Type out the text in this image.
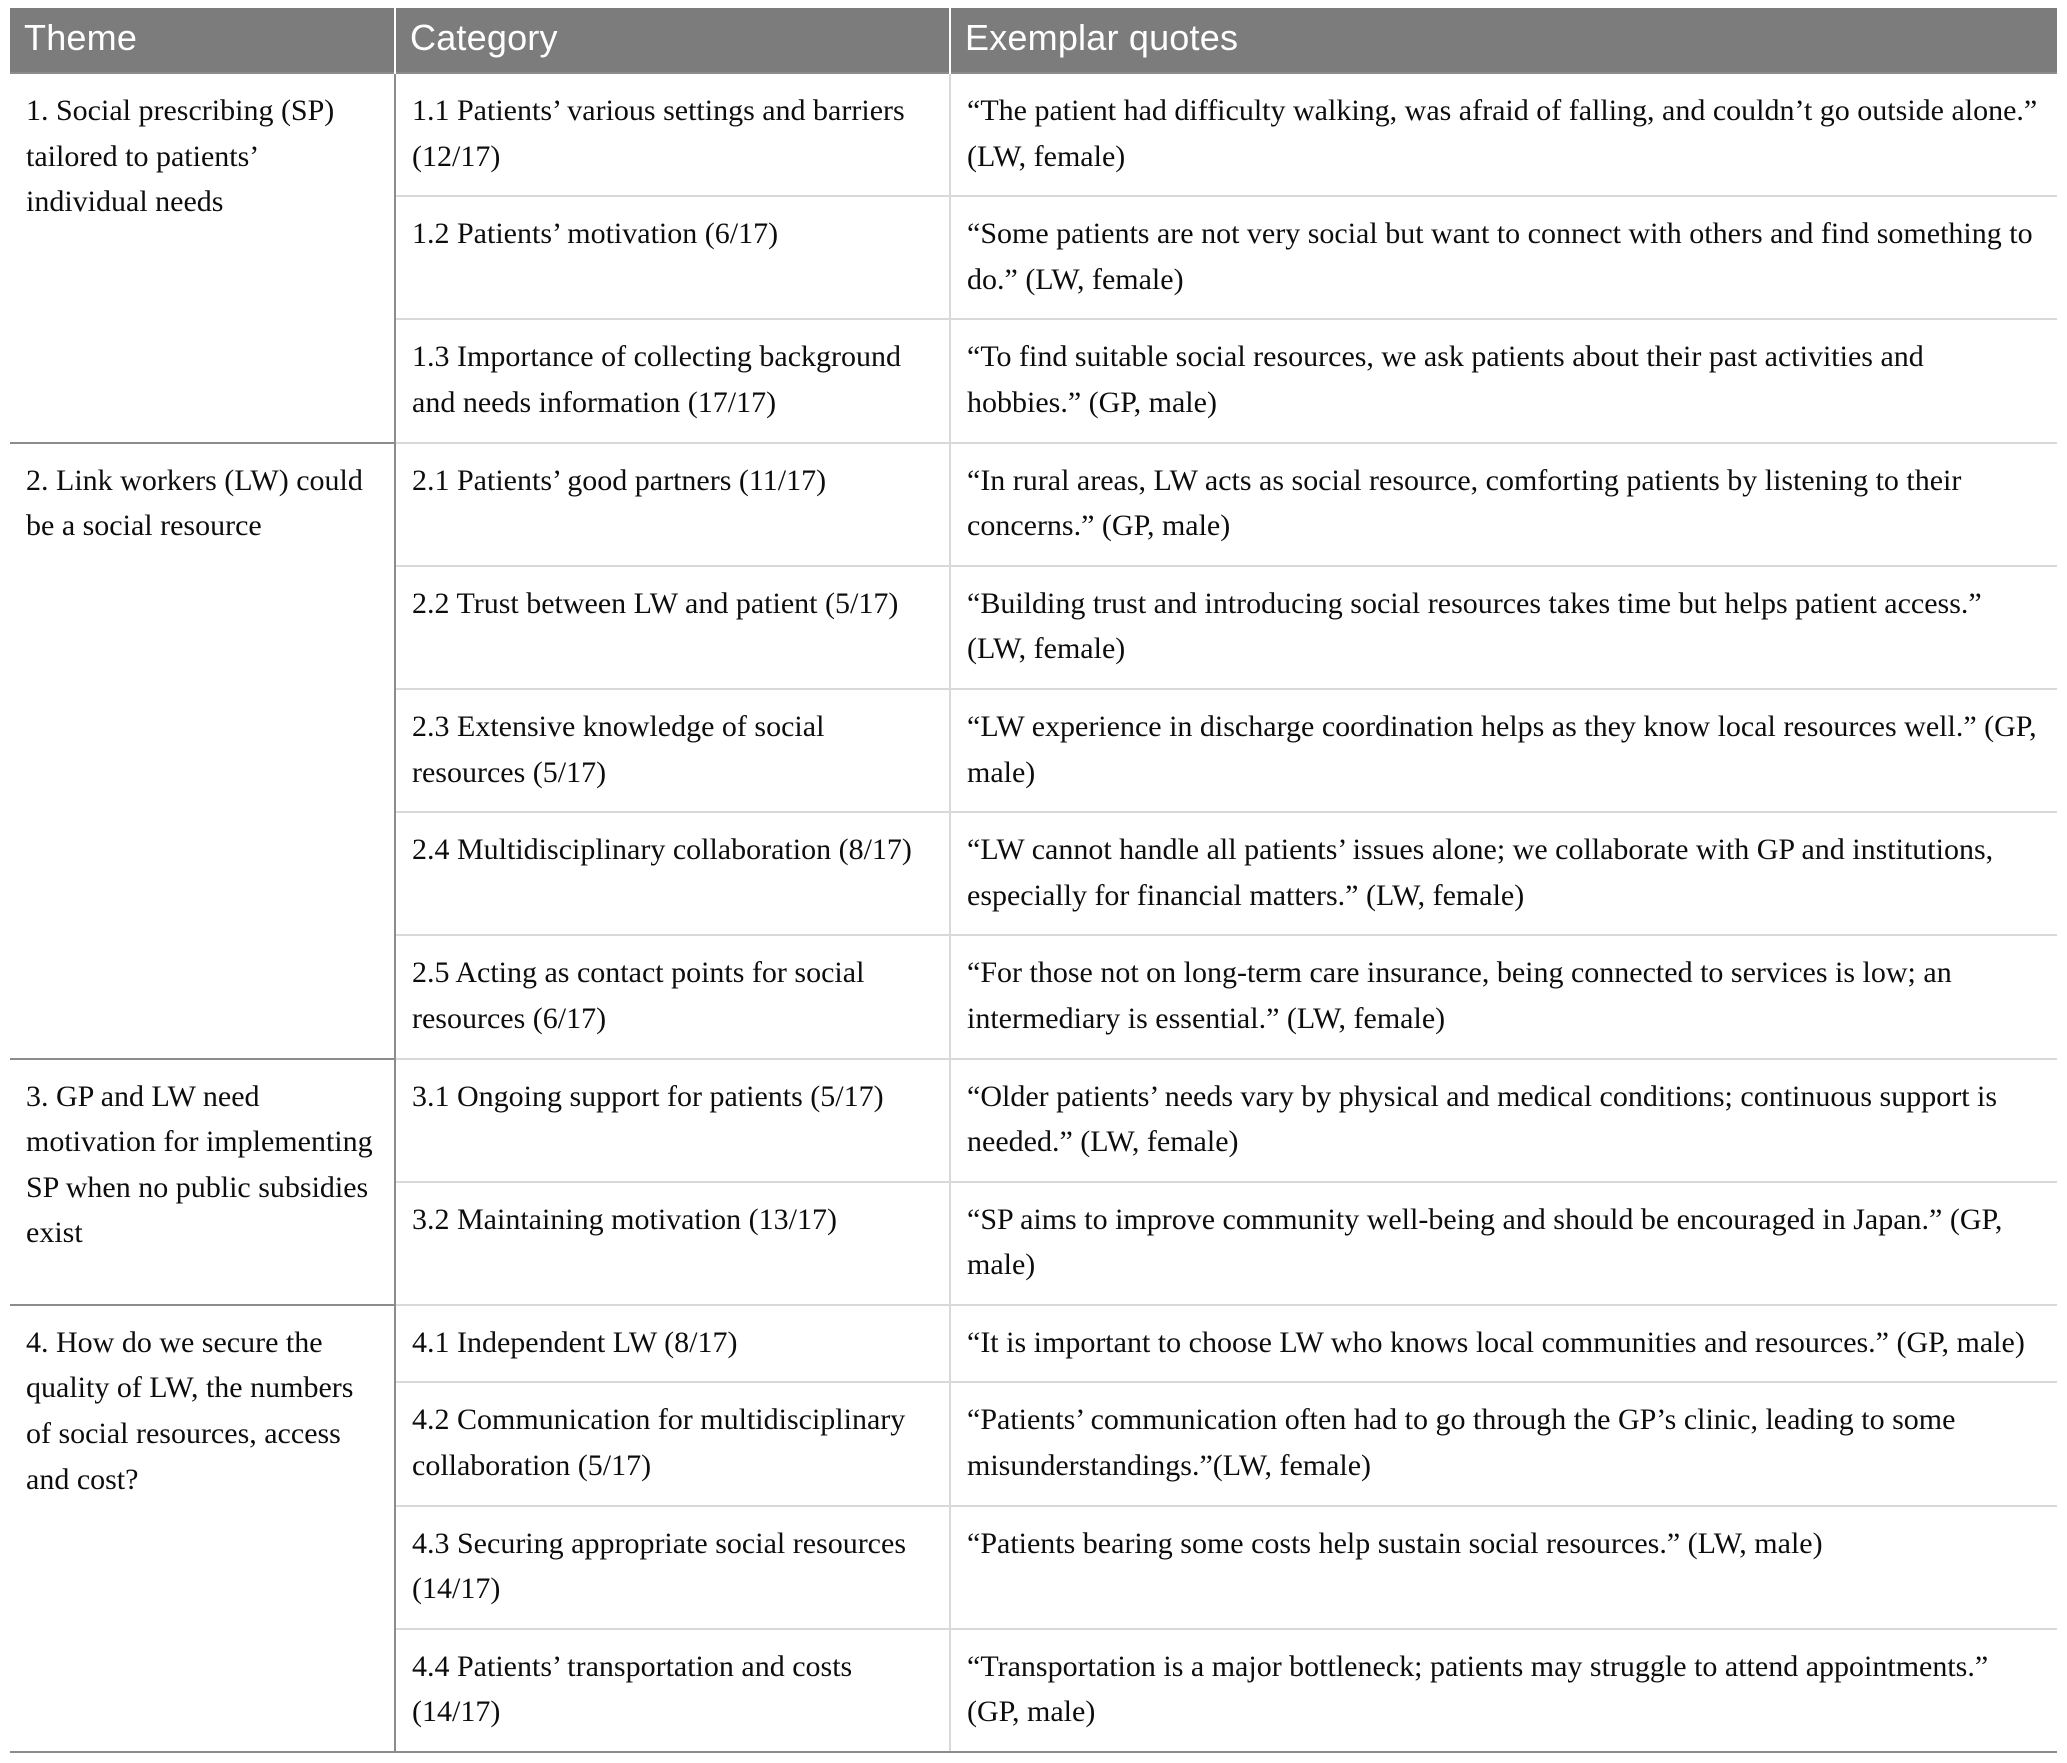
Theme	Category	Exemplar quotes
1. Social prescribing (SP) tailored to patients’ individual needs	1.1 Patients’ various settings and barriers (12/17)	“The patient had difficulty walking, was afraid of falling, and couldn’t go outside alone.” (LW, female)
	1.2 Patients’ motivation (6/17)	“Some patients are not very social but want to connect with others and find something to do.” (LW, female)
	1.3 Importance of collecting background and needs information (17/17)	“To find suitable social resources, we ask patients about their past activities and hobbies.” (GP, male)
2. Link workers (LW) could be a social resource	2.1 Patients’ good partners (11/17)	“In rural areas, LW acts as social resource, comforting patients by listening to their concerns.” (GP, male)
	2.2 Trust between LW and patient (5/17)	“Building trust and introducing social resources takes time but helps patient access.” (LW, female)
	2.3 Extensive knowledge of social resources (5/17)	“LW experience in discharge coordination helps as they know local resources well.” (GP, male)
	2.4 Multidisciplinary collaboration (8/17)	“LW cannot handle all patients’ issues alone; we collaborate with GP and institutions, especially for financial matters.” (LW, female)
	2.5 Acting as contact points for social resources (6/17)	“For those not on long-term care insurance, being connected to services is low; an intermediary is essential.” (LW, female)
3. GP and LW need motivation for implementing SP when no public subsidies exist	3.1 Ongoing support for patients (5/17)	“Older patients’ needs vary by physical and medical conditions; continuous support is needed.” (LW, female)
	3.2 Maintaining motivation (13/17)	“SP aims to improve community well-being and should be encouraged in Japan.” (GP, male)
4. How do we secure the quality of LW, the numbers of social resources, access and cost?	4.1 Independent LW (8/17)	“It is important to choose LW who knows local communities and resources.” (GP, male)
	4.2 Communication for multidisciplinary collaboration (5/17)	“Patients’ communication often had to go through the GP’s clinic, leading to some misunderstandings.”(LW, female)
	4.3 Securing appropriate social resources (14/17)	“Patients bearing some costs help sustain social resources.” (LW, male)
	4.4 Patients’ transportation and costs (14/17)	“Transportation is a major bottleneck; patients may struggle to attend appointments.” (GP, male)
